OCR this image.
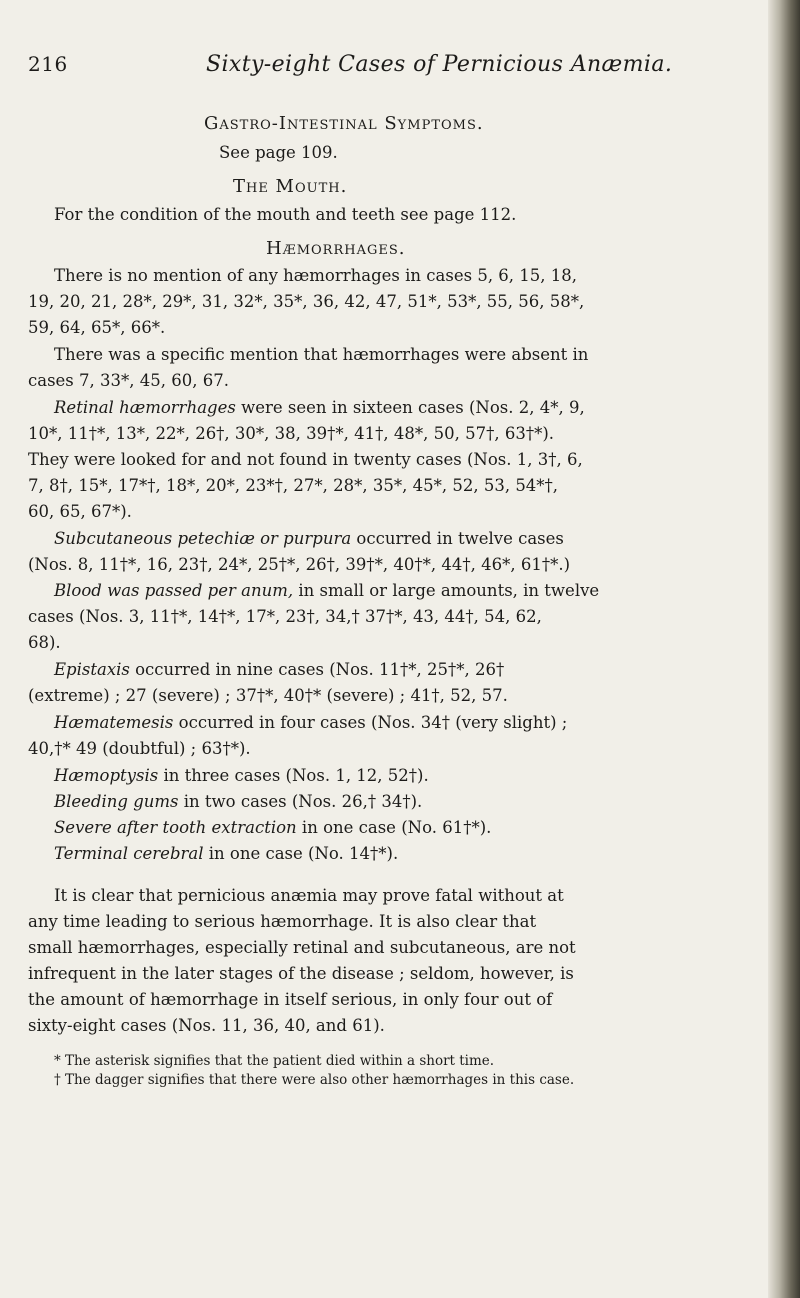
216	Sixty-eight Cases of Pernicious Anæmia.
Gastro-Intestinal Symptoms.
See page 109.
The Mouth.
For the condition of the mouth and teeth see page 112.
Hæmorrhages.
There is no mention of any hæmorrhages in cases 5, 6, 15, 18,
19, 20, 21, 28*, 29*, 31, 32*, 35*, 36, 42, 47, 51*, 53*, 55, 56, 58*,
59, 64, 65*, 66*.
There was a specific mention that hæmorrhages were absent in
cases 7, 33*, 45, 60, 67.
Retinal hæmorrhages were seen in sixteen cases (Nos. 2, 4*, 9,
10*, 11†*, 13*, 22*, 26†, 30*, 38, 39†*, 41†, 48*, 50, 57†, 63†*).
They were looked for and not found in twenty cases (Nos. 1, 3†, 6,
7, 8†, 15*, 17*†, 18*, 20*, 23*†, 27*, 28*, 35*, 45*, 52, 53, 54*†,
60, 65, 67*).
Subcutaneous petechiæ or purpura occurred in twelve cases
(Nos. 8, 11†*, 16, 23†, 24*, 25†*, 26†, 39†*, 40†*, 44†, 46*, 61†*.)
Blood was passed per anum, in small or large amounts, in twelve
cases (Nos. 3, 11†*, 14†*, 17*, 23†, 34,† 37†*, 43, 44†, 54, 62,
68).
Epistaxis occurred in nine cases (Nos. 11†*, 25†*, 26†
(extreme) ; 27 (severe) ; 37†*, 40†* (severe) ; 41†, 52, 57.
Hæmatemesis occurred in four cases (Nos. 34† (very slight) ;
40,†* 49 (doubtful) ; 63†*).
Hæmoptysis in three cases (Nos. 1, 12, 52†).
Bleeding gums in two cases (Nos. 26,† 34†).
Severe after tooth extraction in one case (No. 61†*).
Terminal cerebral in one case (No. 14†*).
It is clear that pernicious anæmia may prove fatal without at
any time leading to serious hæmorrhage. It is also clear that
small hæmorrhages, especially retinal and subcutaneous, are not
infrequent in the later stages of the disease ; seldom, however, is
the amount of hæmorrhage in itself serious, in only four out of
sixty-eight cases (Nos. 11, 36, 40, and 61).
* The asterisk signifies that the patient died within a short time.
† The dagger signifies that there were also other hæmorrhages in this case.
